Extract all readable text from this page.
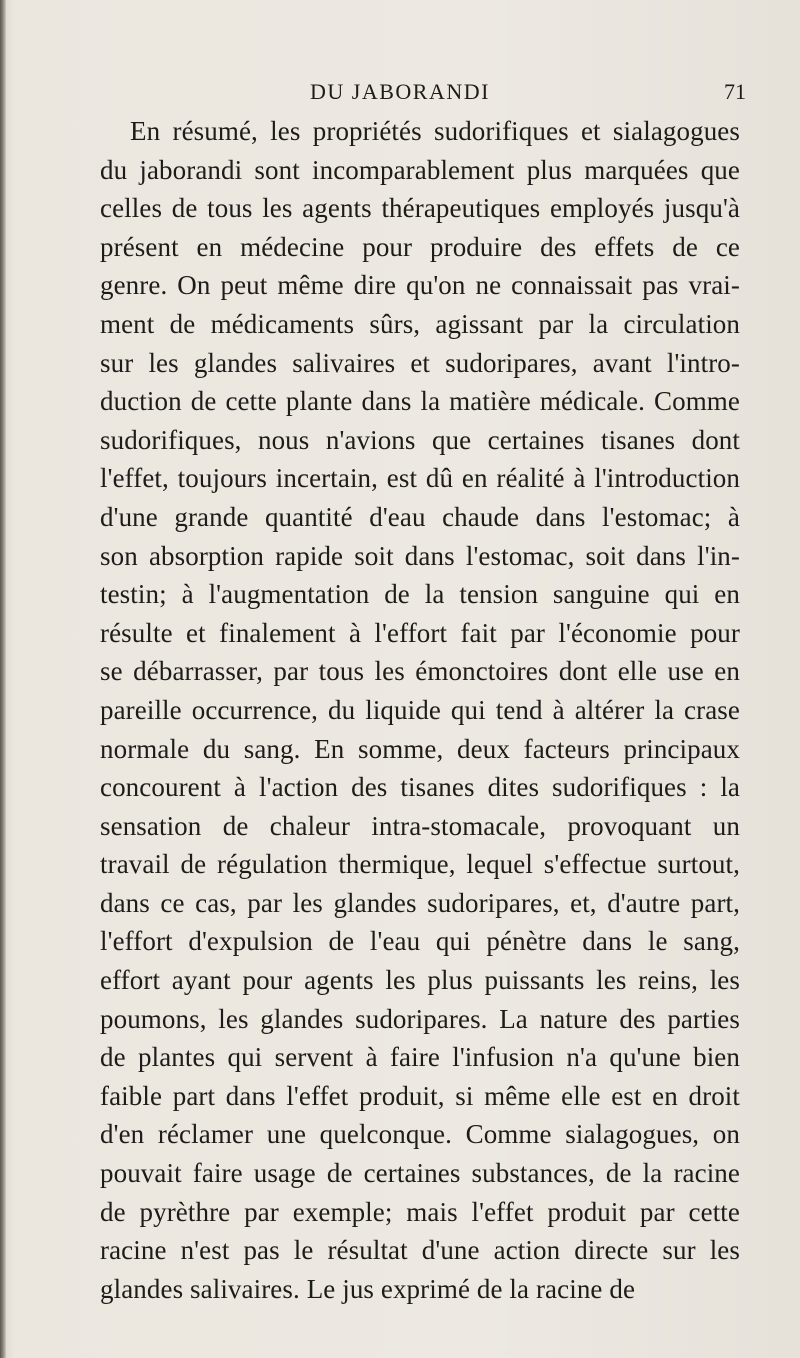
DU JABORANDI	71
En résumé, les propriétés sudorifiques et sialagogues
du jaborandi sont incomparablement plus marquées que
celles de tous les agents thérapeutiques employés jusqu'à
présent en médecine pour produire des effets de ce
genre. On peut même dire qu'on ne connaissait pas vrai-
ment de médicaments sûrs, agissant par la circulation
sur les glandes salivaires et sudoripares, avant l'intro-
duction de cette plante dans la matière médicale. Comme
sudorifiques, nous n'avions que certaines tisanes dont
l'effet, toujours incertain, est dû en réalité à l'introduction
d'une grande quantité d'eau chaude dans l'estomac; à
son absorption rapide soit dans l'estomac, soit dans l'in-
testin; à l'augmentation de la tension sanguine qui en
résulte et finalement à l'effort fait par l'économie pour
se débarrasser, par tous les émonctoires dont elle use en
pareille occurrence, du liquide qui tend à altérer la crase
normale du sang. En somme, deux facteurs principaux
concourent à l'action des tisanes dites sudorifiques : la
sensation de chaleur intra-stomacale, provoquant un
travail de régulation thermique, lequel s'effectue surtout,
dans ce cas, par les glandes sudoripares, et, d'autre part,
l'effort d'expulsion de l'eau qui pénètre dans le sang,
effort ayant pour agents les plus puissants les reins, les
poumons, les glandes sudoripares. La nature des parties
de plantes qui servent à faire l'infusion n'a qu'une bien
faible part dans l'effet produit, si même elle est en droit
d'en réclamer une quelconque. Comme sialagogues, on
pouvait faire usage de certaines substances, de la racine
de pyrèthre par exemple; mais l'effet produit par cette
racine n'est pas le résultat d'une action directe sur les
glandes salivaires. Le jus exprimé de la racine de
